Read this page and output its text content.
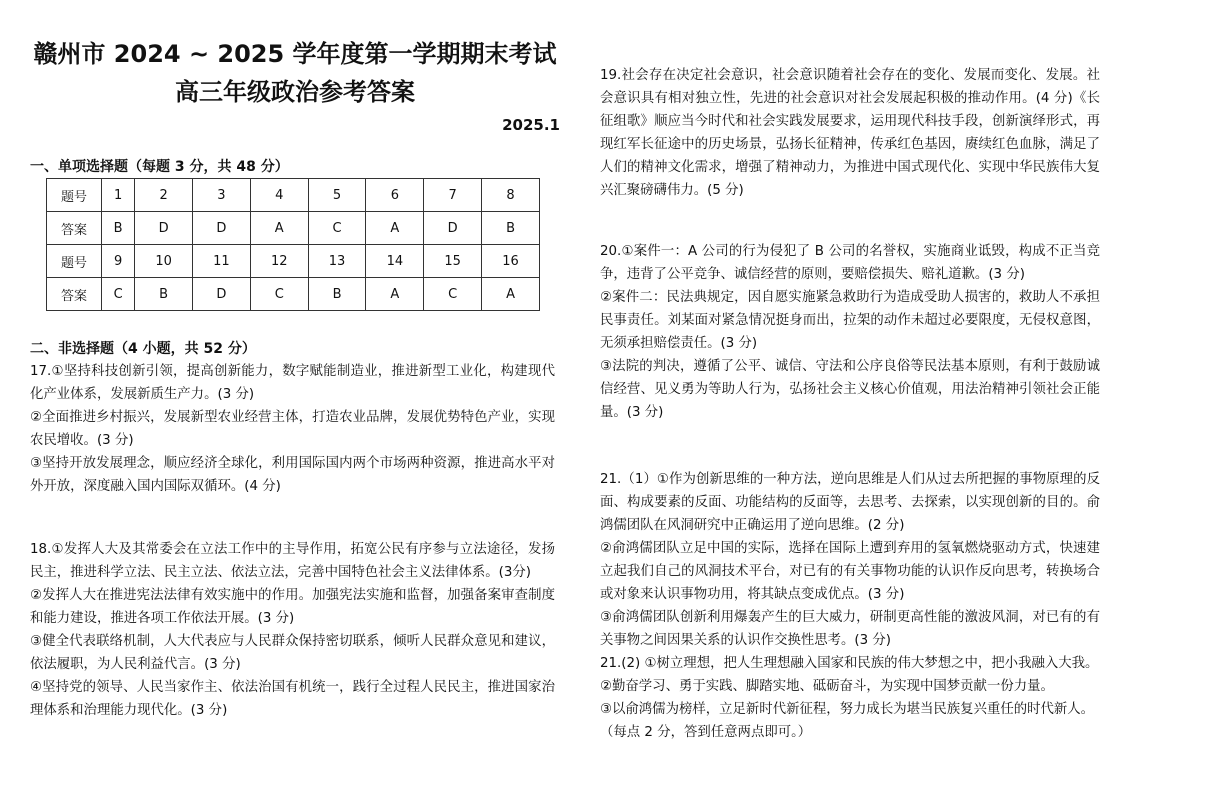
赣州市 2024 ~ 2025 学年度第一学期期末考试
高三年级政治参考答案
2025.1
一、单项选择题（每题 3 分，共 48 分）
题号	1	2	3	4	5	6	7	8
答案	B	D	D	A	C	A	D	B
题号	9	10	11	12	13	14	15	16
答案	C	B	D	C	B	A	C	A
二、非选择题（4 小题，共 52 分）
17.①坚持科技创新引领，提高创新能力，数字赋能制造业，推进新型工业化，构建现代化产业体系，发展新质生产力。(3 分)
②全面推进乡村振兴，发展新型农业经营主体，打造农业品牌，发展优势特色产业，实现农民增收。(3 分)
③坚持开放发展理念，顺应经济全球化，利用国际国内两个市场两种资源，推进高水平对外开放，深度融入国内国际双循环。(4 分)
18.①发挥人大及其常委会在立法工作中的主导作用，拓宽公民有序参与立法途径，发扬民主，推进科学立法、民主立法、依法立法，完善中国特色社会主义法律体系。(3分)
②发挥人大在推进宪法法律有效实施中的作用。加强宪法实施和监督，加强备案审查制度和能力建设，推进各项工作依法开展。(3 分)
③健全代表联络机制，人大代表应与人民群众保持密切联系，倾听人民群众意见和建议，依法履职，为人民利益代言。(3 分)
④坚持党的领导、人民当家作主、依法治国有机统一，践行全过程人民民主，推进国家治理体系和治理能力现代化。(3 分)
19.社会存在决定社会意识，社会意识随着社会存在的变化、发展而变化、发展。社会意识具有相对独立性，先进的社会意识对社会发展起积极的推动作用。(4 分)《长征组歌》顺应当今时代和社会实践发展要求，运用现代科技手段，创新演绎形式，再现红军长征途中的历史场景，弘扬长征精神，传承红色基因，赓续红色血脉，满足了人们的精神文化需求，增强了精神动力，为推进中国式现代化、实现中华民族伟大复兴汇聚磅礴伟力。(5 分)
20.①案件一：A 公司的行为侵犯了 B 公司的名誉权，实施商业诋毁，构成不正当竞争，违背了公平竞争、诚信经营的原则，要赔偿损失、赔礼道歉。(3 分)
②案件二：民法典规定，因自愿实施紧急救助行为造成受助人损害的，救助人不承担民事责任。刘某面对紧急情况挺身而出，拉架的动作未超过必要限度，无侵权意图，无须承担赔偿责任。(3 分)
③法院的判决，遵循了公平、诚信、守法和公序良俗等民法基本原则，有利于鼓励诚信经营、见义勇为等助人行为，弘扬社会主义核心价值观，用法治精神引领社会正能量。(3 分)
21.（1）①作为创新思维的一种方法，逆向思维是人们从过去所把握的事物原理的反面、构成要素的反面、功能结构的反面等，去思考、去探索，以实现创新的目的。俞鸿儒团队在风洞研究中正确运用了逆向思维。(2 分)
②俞鸿儒团队立足中国的实际，选择在国际上遭到弃用的氢氧燃烧驱动方式，快速建立起我们自己的风洞技术平台，对已有的有关事物功能的认识作反向思考，转换场合或对象来认识事物功用，将其缺点变成优点。(3 分)
③俞鸿儒团队创新利用爆轰产生的巨大威力，研制更高性能的激波风洞，对已有的有关事物之间因果关系的认识作交换性思考。(3 分)
21.(2) ①树立理想，把人生理想融入国家和民族的伟大梦想之中，把小我融入大我。
②勤奋学习、勇于实践、脚踏实地、砥砺奋斗，为实现中国梦贡献一份力量。
③以俞鸿儒为榜样，立足新时代新征程，努力成长为堪当民族复兴重任的时代新人。
（每点 2 分，答到任意两点即可。）
